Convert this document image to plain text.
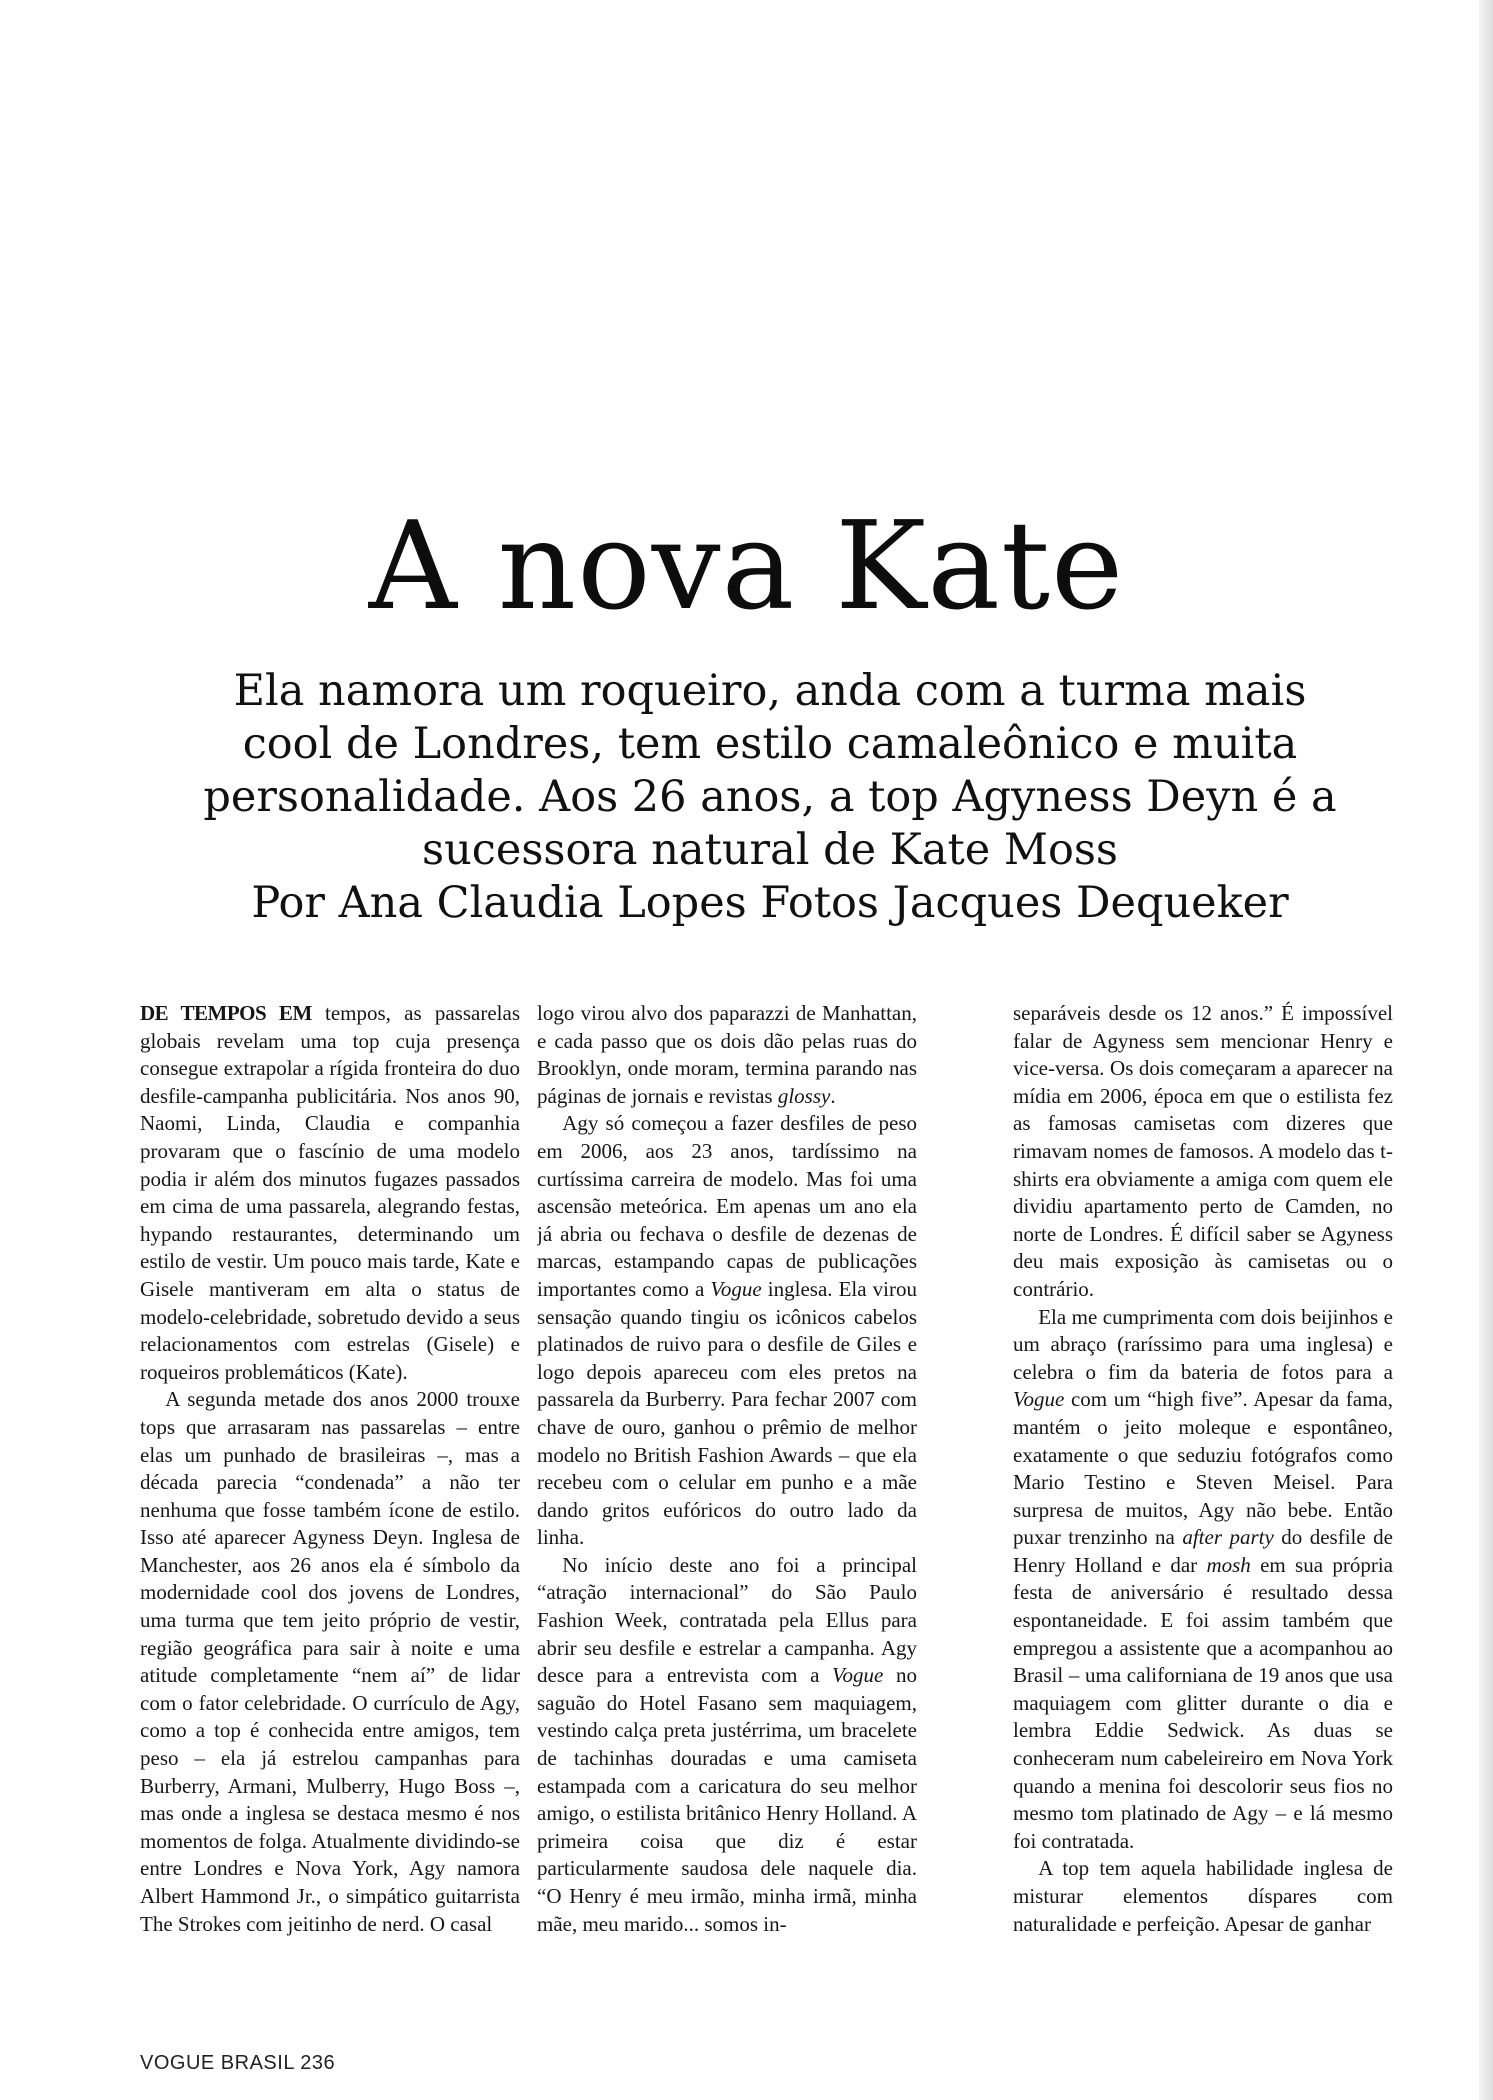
A nova Kate

Ela namora um roqueiro, anda com a turma mais cool de Londres, tem estilo camaleônico e muita personalidade. Aos 26 anos, a top Agyness Deyn é a sucessora natural de Kate Moss
Por Ana Claudia Lopes Fotos Jacques Dequeker

DE TEMPOS EM tempos, as passarelas globais revelam uma top cuja presença consegue extrapolar a rígida fronteira do duo desfile-campanha publicitária. Nos anos 90, Naomi, Linda, Claudia e companhia provaram que o fascínio de uma modelo podia ir além dos minutos fugazes passados em cima de uma passarela, alegrando festas, hypando restaurantes, determinando um estilo de vestir. Um pouco mais tarde, Kate e Gisele mantiveram em alta o status de modelo-celebridade, sobretudo devido a seus relacionamentos com estrelas (Gisele) e roqueiros problemáticos (Kate).

A segunda metade dos anos 2000 trouxe tops que arrasaram nas passarelas – entre elas um punhado de brasileiras –, mas a década parecia “condenada” a não ter nenhuma que fosse também ícone de estilo. Isso até aparecer Agyness Deyn. Inglesa de Manchester, aos 26 anos ela é símbolo da modernidade cool dos jovens de Londres, uma turma que tem jeito próprio de vestir, região geográfica para sair à noite e uma atitude completamente “nem aí” de lidar com o fator celebridade. O currículo de Agy, como a top é conhecida entre amigos, tem peso – ela já estrelou campanhas para Burberry, Armani, Mulberry, Hugo Boss –, mas onde a inglesa se destaca mesmo é nos momentos de folga. Atualmente dividindo-se entre Londres e Nova York, Agy namora Albert Hammond Jr., o simpático guitarrista The Strokes com jeitinho de nerd. O casal

logo virou alvo dos paparazzi de Manhattan, e cada passo que os dois dão pelas ruas do Brooklyn, onde moram, termina parando nas páginas de jornais e revistas glossy.

Agy só começou a fazer desfiles de peso em 2006, aos 23 anos, tardíssimo na curtíssima carreira de modelo. Mas foi uma ascensão meteórica. Em apenas um ano ela já abria ou fechava o desfile de dezenas de marcas, estampando capas de publicações importantes como a Vogue inglesa. Ela virou sensação quando tingiu os icônicos cabelos platinados de ruivo para o desfile de Giles e logo depois apareceu com eles pretos na passarela da Burberry. Para fechar 2007 com chave de ouro, ganhou o prêmio de melhor modelo no British Fashion Awards – que ela recebeu com o celular em punho e a mãe dando gritos eufóricos do outro lado da linha.

No início deste ano foi a principal “atração internacional” do São Paulo Fashion Week, contratada pela Ellus para abrir seu desfile e estrelar a campanha. Agy desce para a entrevista com a Vogue no saguão do Hotel Fasano sem maquiagem, vestindo calça preta justérrima, um bracelete de tachinhas douradas e uma camiseta estampada com a caricatura do seu melhor amigo, o estilista britânico Henry Holland. A primeira coisa que diz é estar particularmente saudosa dele naquele dia. “O Henry é meu irmão, minha irmã, minha mãe, meu marido... somos in-

separáveis desde os 12 anos.” É impossível falar de Agyness sem mencionar Henry e vice-versa. Os dois começaram a aparecer na mídia em 2006, época em que o estilista fez as famosas camisetas com dizeres que rimavam nomes de famosos. A modelo das t-shirts era obviamente a amiga com quem ele dividiu apartamento perto de Camden, no norte de Londres. É difícil saber se Agyness deu mais exposição às camisetas ou o contrário.

Ela me cumprimenta com dois beijinhos e um abraço (raríssimo para uma inglesa) e celebra o fim da bateria de fotos para a Vogue com um “high five”. Apesar da fama, mantém o jeito moleque e espontâneo, exatamente o que seduziu fotógrafos como Mario Testino e Steven Meisel. Para surpresa de muitos, Agy não bebe. Então puxar trenzinho na after party do desfile de Henry Holland e dar mosh em sua própria festa de aniversário é resultado dessa espontaneidade. E foi assim também que empregou a assistente que a acompanhou ao Brasil – uma californiana de 19 anos que usa maquiagem com glitter durante o dia e lembra Eddie Sedwick. As duas se conheceram num cabeleireiro em Nova York quando a menina foi descolorir seus fios no mesmo tom platinado de Agy – e lá mesmo foi contratada.

A top tem aquela habilidade inglesa de misturar elementos díspares com naturalidade e perfeição. Apesar de ganhar

VOGUE BRASIL 236
